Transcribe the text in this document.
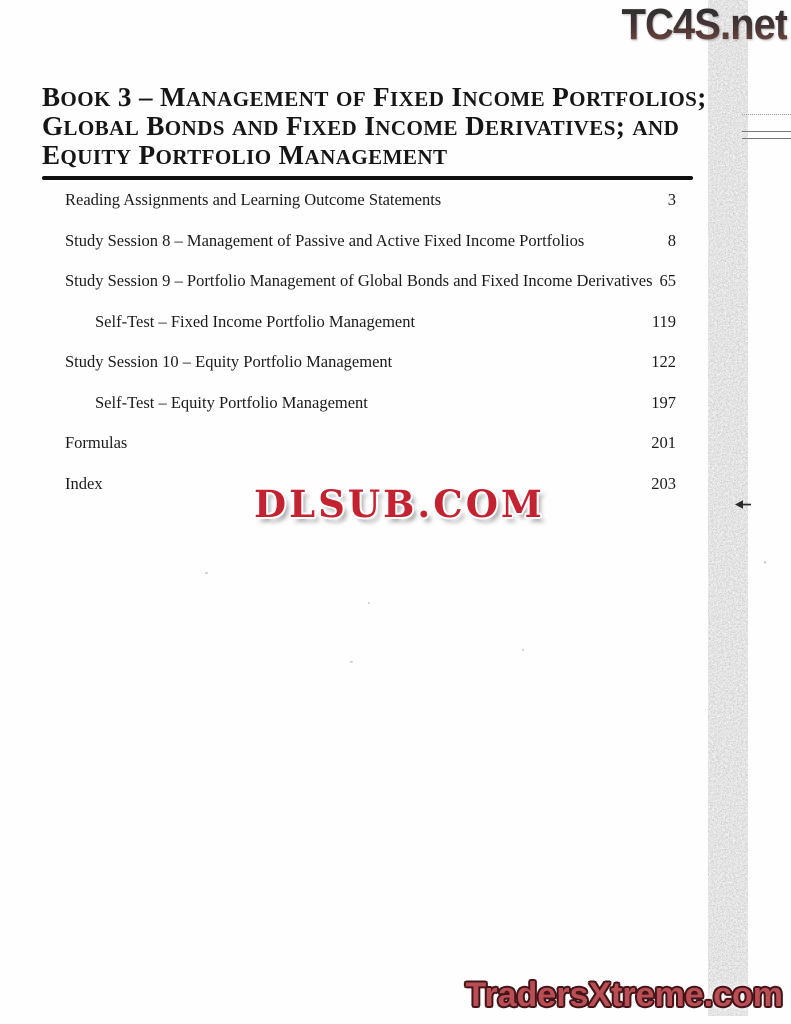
TC4S.net
BOOK 3 – MANAGEMENT OF FIXED INCOME PORTFOLIOS;
GLOBAL BONDS AND FIXED INCOME DERIVATIVES; AND
EQUITY PORTFOLIO MANAGEMENT
Reading Assignments and Learning Outcome Statements	3
Study Session 8 – Management of Passive and Active Fixed Income Portfolios	8
Study Session 9 – Portfolio Management of Global Bonds and Fixed Income Derivatives 65
Self-Test – Fixed Income Portfolio Management	119
Study Session 10 – Equity Portfolio Management	122
Self-Test – Equity Portfolio Management	197
Formulas	201
Index	203
DLSUB.COM
TradersXtreme.com
